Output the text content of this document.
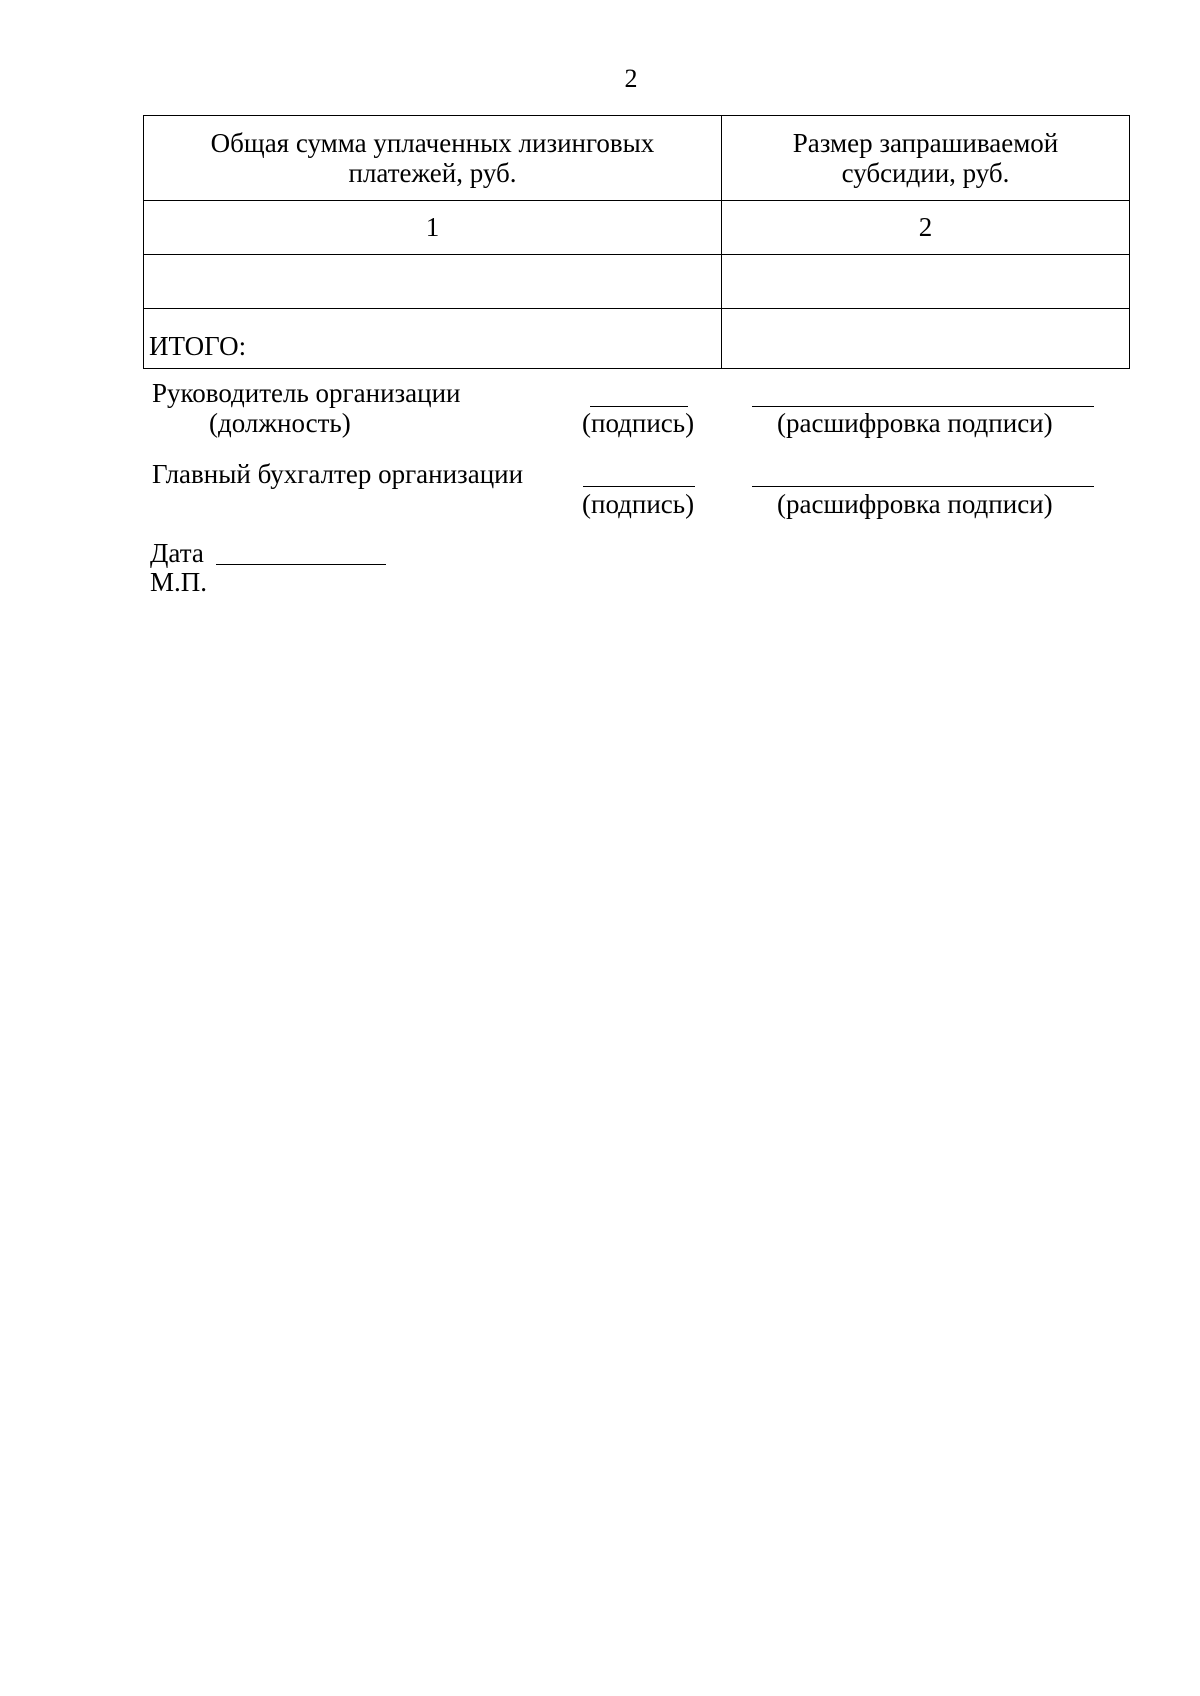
2
Общая сумма уплаченных лизинговых платежей, руб.	Размер запрашиваемой субсидии, руб.
1	2

ИТОГО:	
Руководитель организации
(должность)	(подпись)	(расшифровка подписи)
Главный бухгалтер организации
(подпись)	(расшифровка подписи)
Дата
М.П.
